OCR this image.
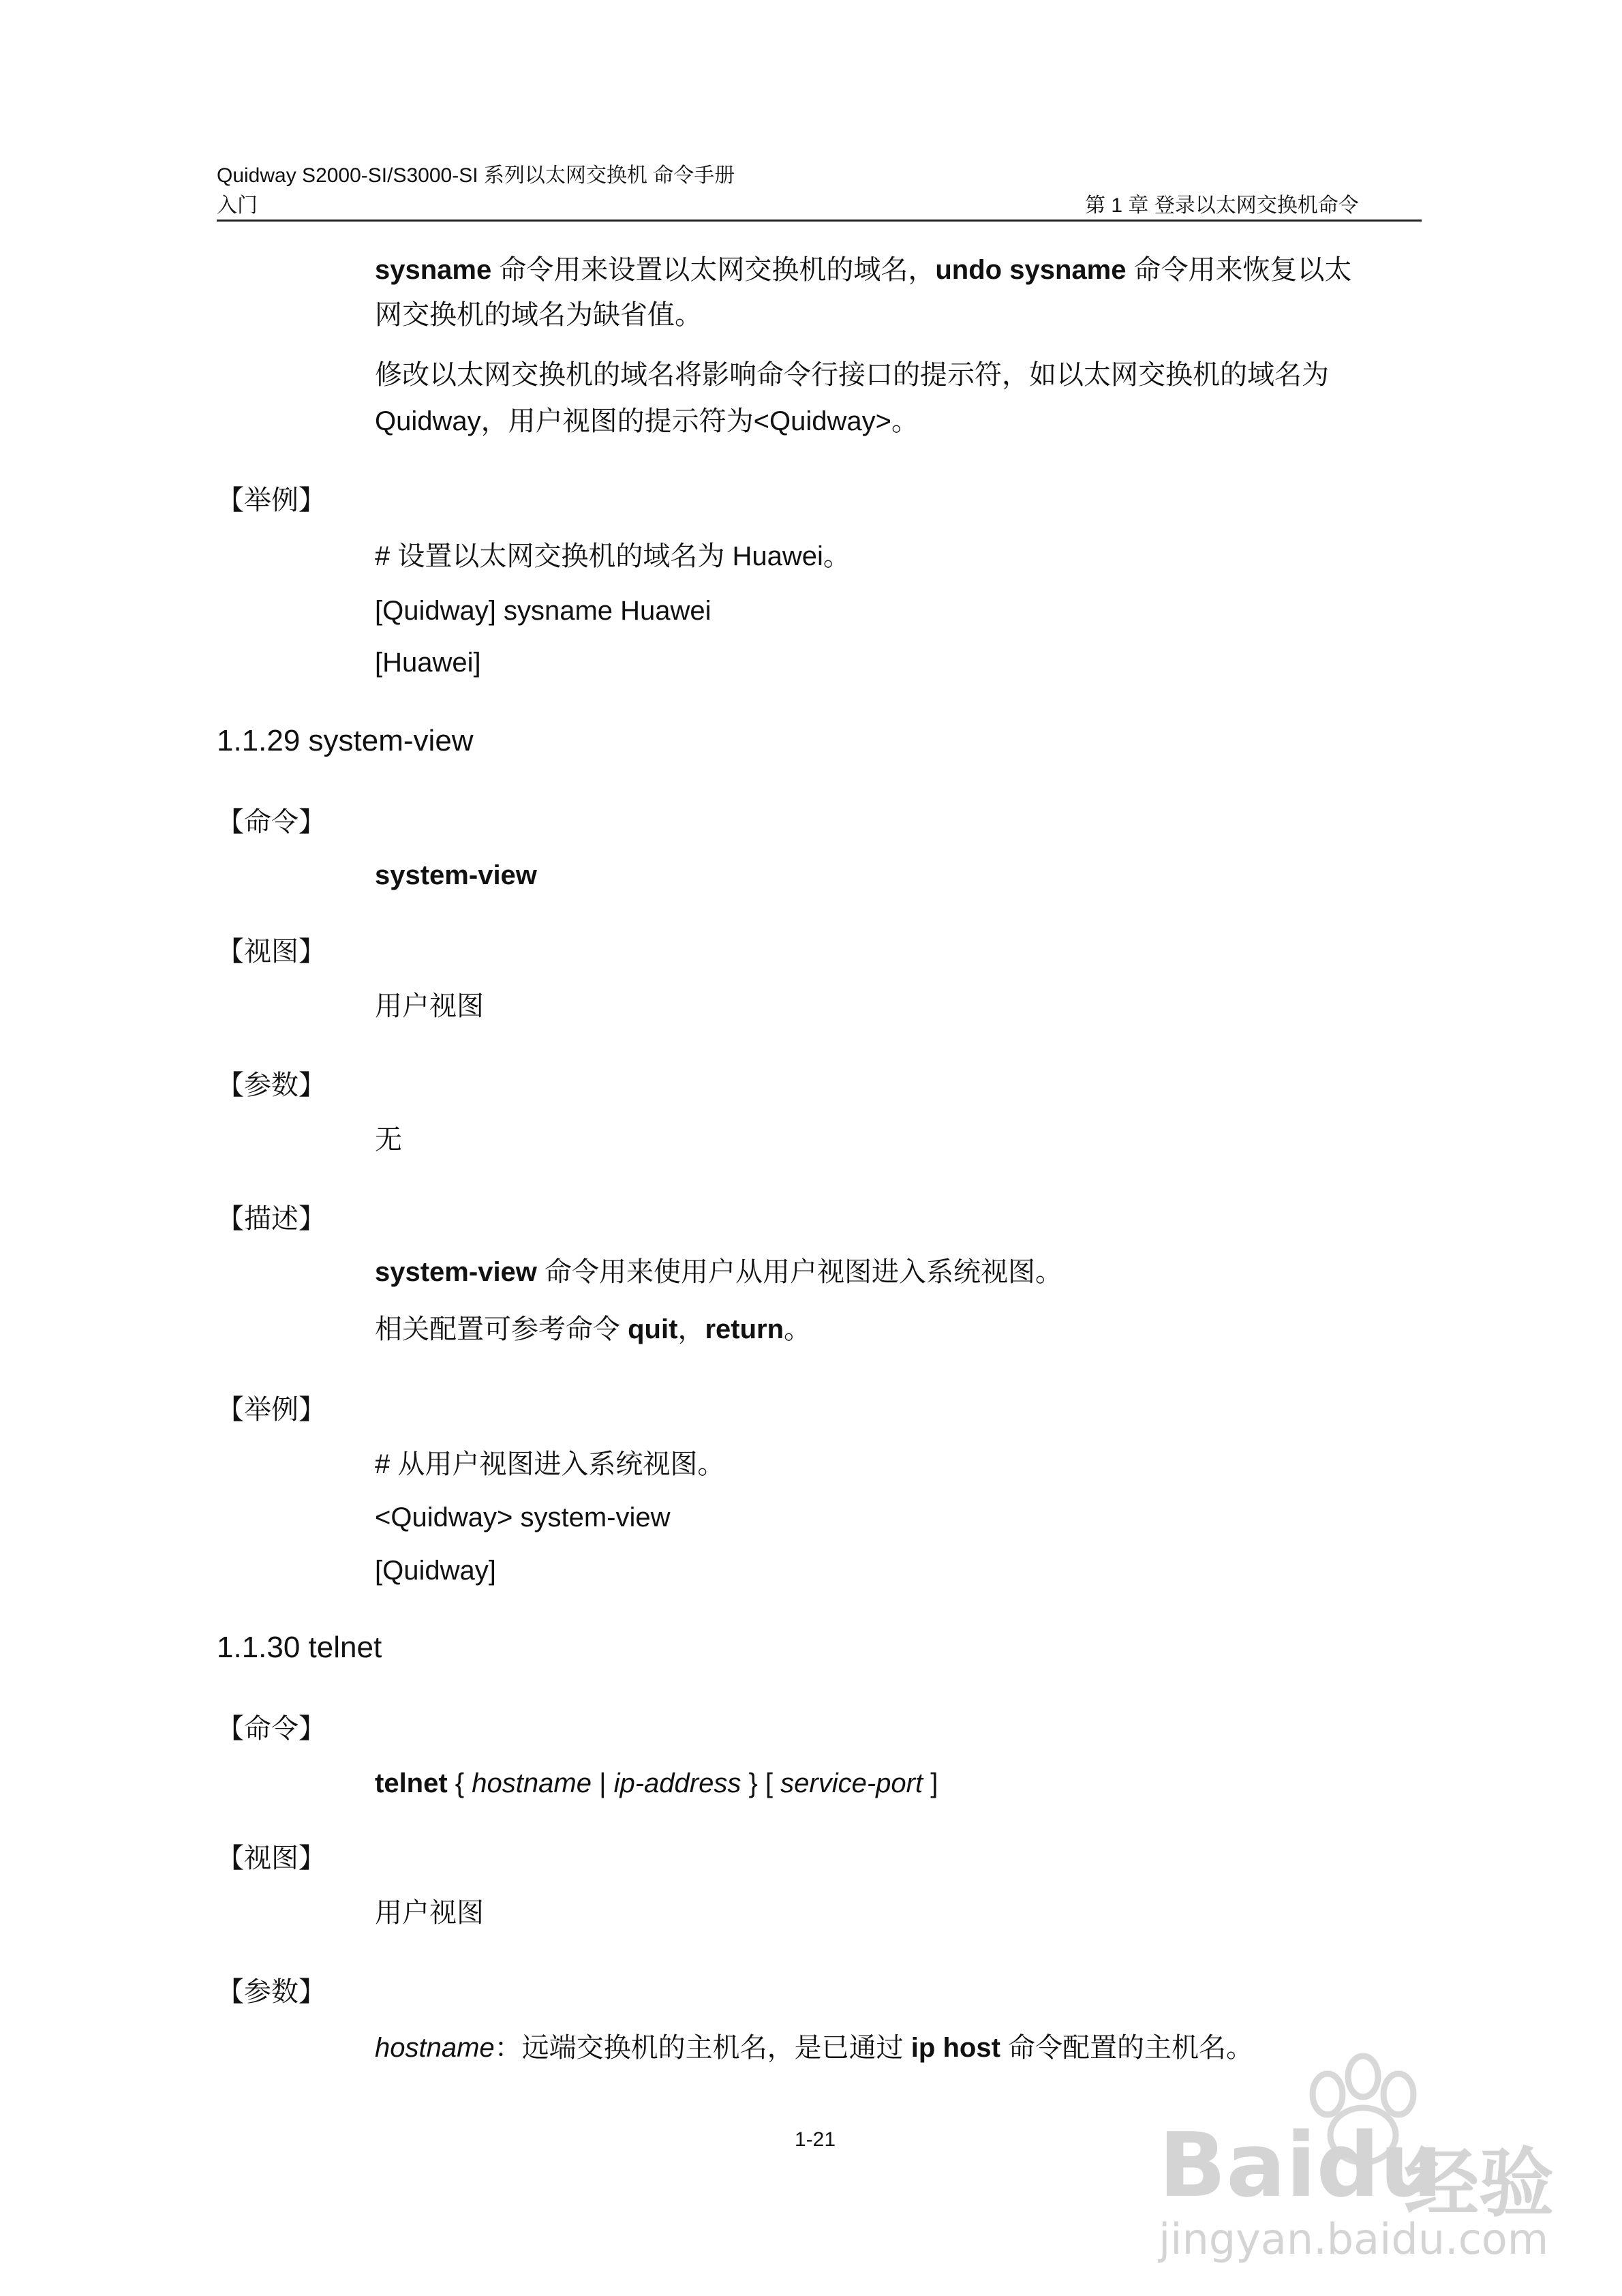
Quidway S2000-SI/S3000-SI 系列以太网交换机 命令手册
入门	第 1 章 登录以太网交换机命令
sysname 命令用来设置以太网交换机的域名，undo sysname 命令用来恢复以太
网交换机的域名为缺省值。
修改以太网交换机的域名将影响命令行接口的提示符，如以太网交换机的域名为
Quidway，用户视图的提示符为<Quidway>。
【举例】
# 设置以太网交换机的域名为 Huawei。
[Quidway] sysname Huawei
[Huawei]
1.1.29 system-view
【命令】
system-view
【视图】
用户视图
【参数】
无
【描述】
system-view 命令用来使用户从用户视图进入系统视图。
相关配置可参考命令 quit，return。
【举例】
# 从用户视图进入系统视图。
<Quidway> system-view
[Quidway]
1.1.30 telnet
【命令】
telnet { hostname | ip-address } [ service-port ]
【视图】
用户视图
【参数】
hostname：远端交换机的主机名，是已通过 ip host 命令配置的主机名。
1-21	Baidu
经验
jingyan.baidu.com
